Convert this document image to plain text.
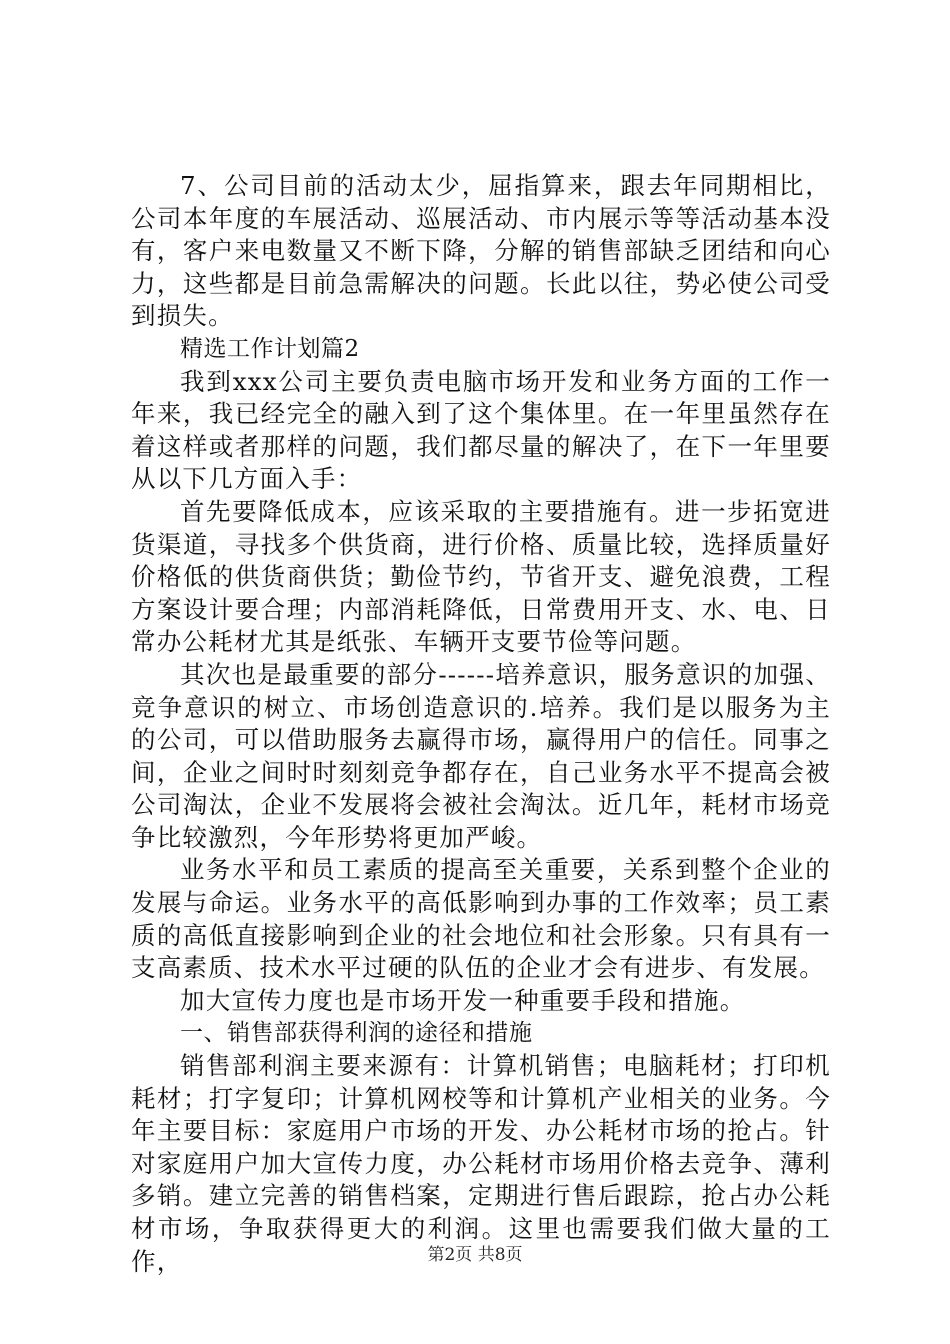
7、公司目前的活动太少，屈指算来，跟去年同期相比，公司本年度的车展活动、巡展活动、市内展示等等活动基本没有，客户来电数量又不断下降，分解的销售部缺乏团结和向心力，这些都是目前急需解决的问题。长此以往，势必使公司受到损失。

精选工作计划篇2

我到xxx公司主要负责电脑市场开发和业务方面的工作一年来，我已经完全的融入到了这个集体里。在一年里虽然存在着这样或者那样的问题，我们都尽量的解决了，在下一年里要从以下几方面入手：

首先要降低成本，应该采取的主要措施有。进一步拓宽进货渠道，寻找多个供货商，进行价格、质量比较，选择质量好价格低的供货商供货；勤俭节约，节省开支、避免浪费，工程方案设计要合理；内部消耗降低，日常费用开支、水、电、日常办公耗材尤其是纸张、车辆开支要节俭等问题。

其次也是最重要的部分------培养意识，服务意识的加强、竞争意识的树立、市场创造意识的.培养。我们是以服务为主的公司，可以借助服务去赢得市场，赢得用户的信任。同事之间，企业之间时时刻刻竞争都存在，自己业务水平不提高会被公司淘汰，企业不发展将会被社会淘汰。近几年，耗材市场竞争比较激烈，今年形势将更加严峻。

业务水平和员工素质的提高至关重要，关系到整个企业的发展与命运。业务水平的高低影响到办事的工作效率；员工素质的高低直接影响到企业的社会地位和社会形象。只有具有一支高素质、技术水平过硬的队伍的企业才会有进步、有发展。

加大宣传力度也是市场开发一种重要手段和措施。

一、销售部获得利润的途径和措施

销售部利润主要来源有：计算机销售；电脑耗材；打印机耗材；打字复印；计算机网校等和计算机产业相关的业务。今年主要目标：家庭用户市场的开发、办公耗材市场的抢占。针对家庭用户加大宣传力度，办公耗材市场用价格去竞争、薄利多销。建立完善的销售档案，定期进行售后跟踪，抢占办公耗材市场，争取获得更大的利润。这里也需要我们做大量的工作，	第2页 共8页
